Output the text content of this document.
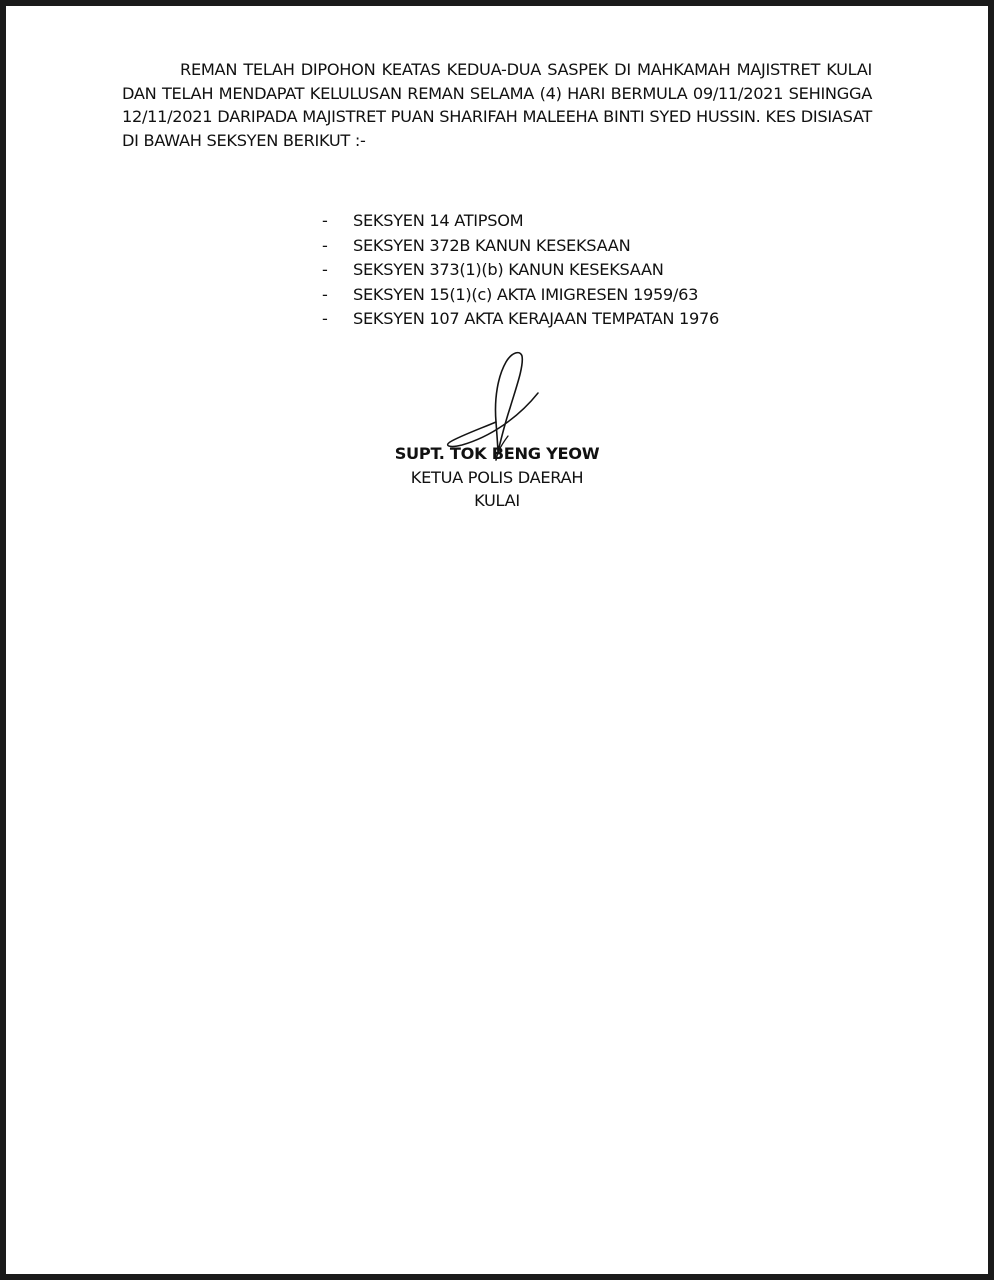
REMAN TELAH DIPOHON KEATAS KEDUA-DUA SASPEK DI MAHKAMAH MAJISTRET KULAI DAN TELAH MENDAPAT KELULUSAN REMAN SELAMA (4) HARI BERMULA 09/11/2021 SEHINGGA 12/11/2021 DARIPADA MAJISTRET PUAN SHARIFAH MALEEHA BINTI SYED HUSSIN. KES DISIASAT DI BAWAH SEKSYEN BERIKUT :-

- SEKSYEN 14 ATIPSOM
- SEKSYEN 372B KANUN KESEKSAAN
- SEKSYEN 373(1)(b) KANUN KESEKSAAN
- SEKSYEN 15(1)(c) AKTA IMIGRESEN 1959/63
- SEKSYEN 107 AKTA KERAJAAN TEMPATAN 1976
SUPT. TOK BENG YEOW
KETUA POLIS DAERAH
KULAI
